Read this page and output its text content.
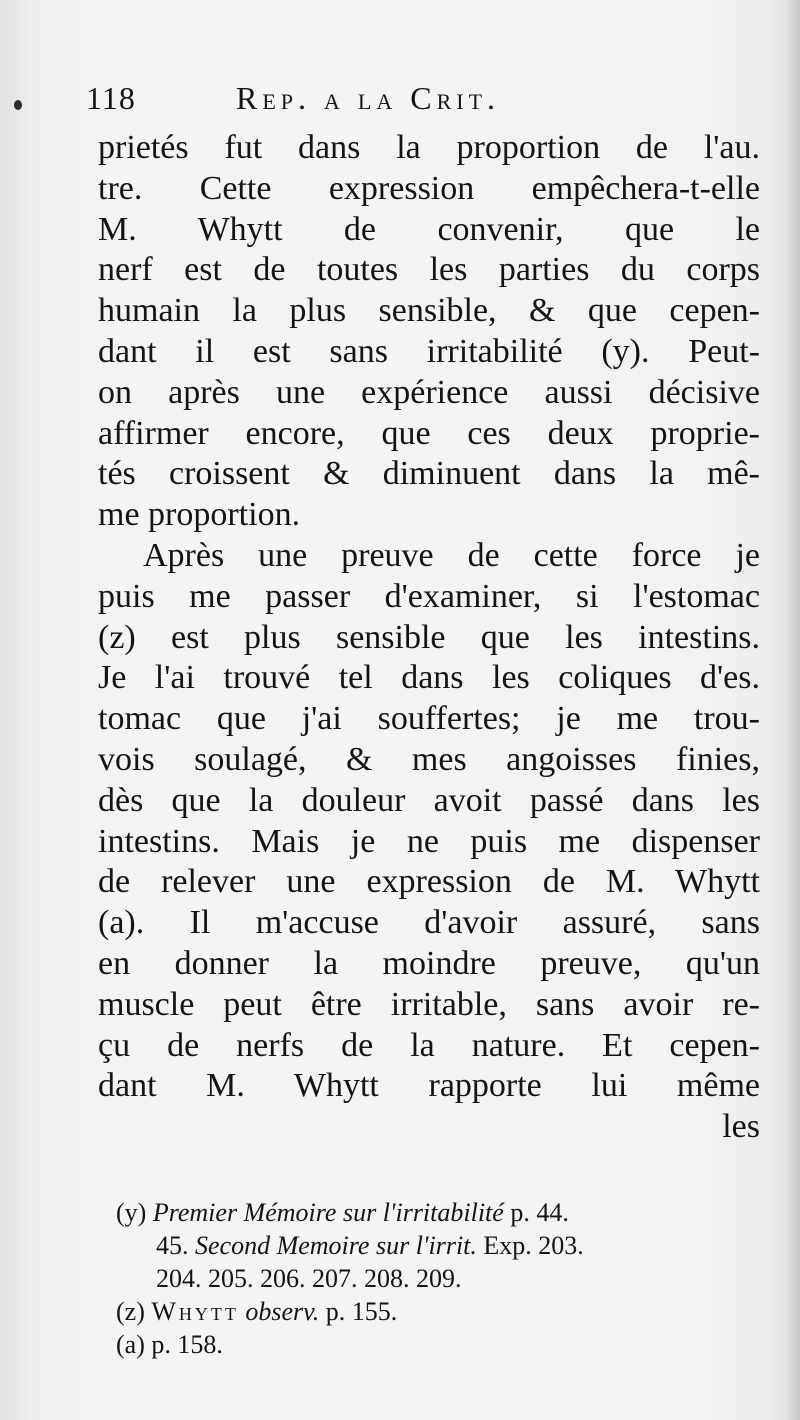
118	Rep. a la Crit.
prietés fut dans la proportion de l'au.
tre. Cette expression empêchera-t-elle
M. Whytt de convenir, que le
nerf est de toutes les parties du corps
humain la plus sensible, & que cepen-
dant il est sans irritabilité (y). Peut-
on après une expérience aussi décisive
affirmer encore, que ces deux proprie-
tés croissent & diminuent dans la mê-
me proportion.
Après une preuve de cette force je
puis me passer d'examiner, si l'estomac
(z) est plus sensible que les intestins.
Je l'ai trouvé tel dans les coliques d'es.
tomac que j'ai souffertes; je me trou-
vois soulagé, & mes angoisses finies,
dès que la douleur avoit passé dans les
intestins. Mais je ne puis me dispenser
de relever une expression de M. Whytt
(a). Il m'accuse d'avoir assuré, sans
en donner la moindre preuve, qu'un
muscle peut être irritable, sans avoir re-
çu de nerfs de la nature. Et cepen-
dant M. Whytt rapporte lui même
les
(y) Premier Mémoire sur l'irritabilité p. 44.
45. Second Memoire sur l'irrit. Exp. 203.
204. 205. 206. 207. 208. 209.
(z) Whytt observ. p. 155.
(a) p. 158.
